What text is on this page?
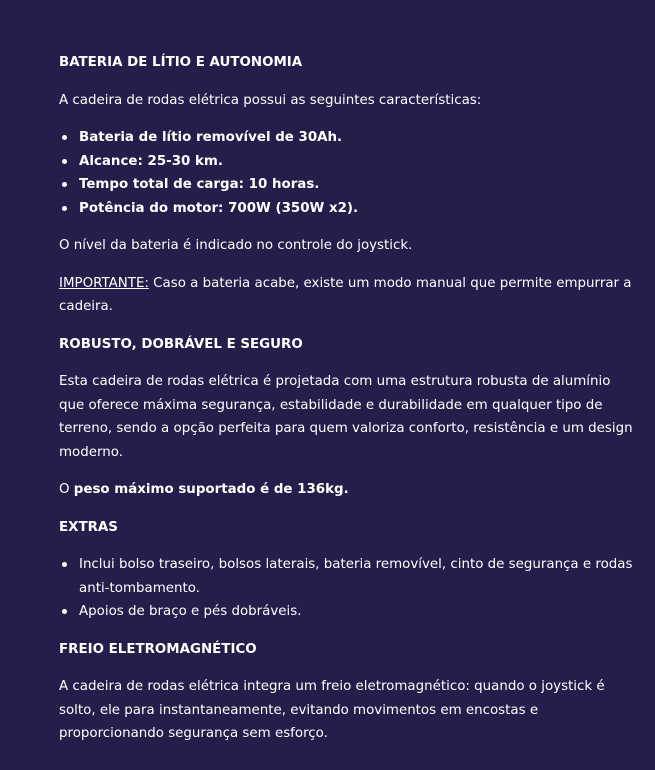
BATERIA DE LÍTIO E AUTONOMIA

A cadeira de rodas elétrica possui as seguintes características:

Bateria de lítio removível de 30Ah.
Alcance: 25-30 km.
Tempo total de carga: 10 horas.
Potência do motor: 700W (350W x2).

O nível da bateria é indicado no controle do joystick.

IMPORTANTE: Caso a bateria acabe, existe um modo manual que permite empurrar a cadeira.

ROBUSTO, DOBRÁVEL E SEGURO

Esta cadeira de rodas elétrica é projetada com uma estrutura robusta de alumínio que oferece máxima segurança, estabilidade e durabilidade em qualquer tipo de terreno, sendo a opção perfeita para quem valoriza conforto, resistência e um design moderno.

O peso máximo suportado é de 136kg.

EXTRAS
Inclui bolso traseiro, bolsos laterais, bateria removível, cinto de segurança e rodas anti-tombamento.
Apoios de braço e pés dobráveis.
FREIO ELETROMAGNÉTICO

A cadeira de rodas elétrica integra um freio eletromagnético: quando o joystick é solto, ele para instantaneamente, evitando movimentos em encostas e proporcionando segurança sem esforço.
